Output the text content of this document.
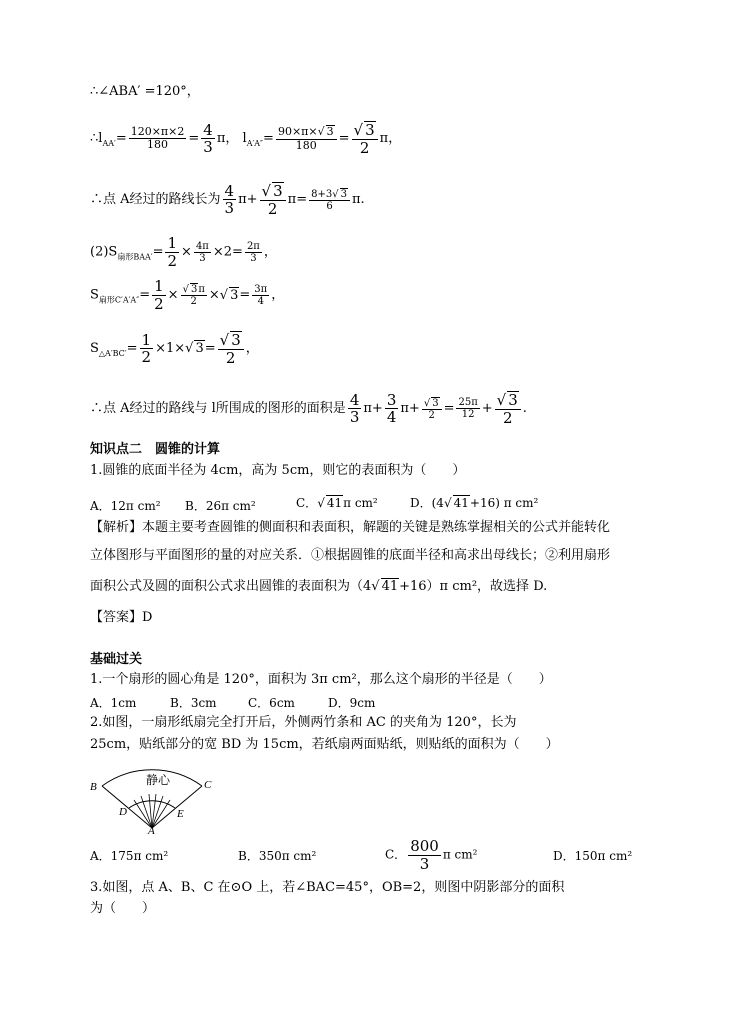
∴∠ABA′ =120°，
$\therefore l_{AA'}= \frac{120\times\pi\times 2}{180} = \frac{4}{3}$ π， $l_{A'A''}= \frac{90\times\pi\times√ 3}{180}$ =
√ $\frac{3}{2}$ π，
∴点 A经过的路线长为 $\frac{4}{3} \pi+$
√ $\frac{3}{2} \pi= \frac{8+3√ 3}{6} \pi$.
$(2)S_{扇形BAA'}= \frac{1}{2} \times \frac{4\pi}{3} \times 2= \frac{2\pi}{3}$ ，
$S_{扇形C'A'A''}= \frac{1}{2}$ ×
√ $\frac{3\pi}{2}$ ×√ $3= \frac{3\pi}{4}$ ，
$S_{\triangle A'BC'}= \frac{1}{2} \times 1\times√$ 3=
√ $\frac{3}{2}$ ，
∴点 A经过的路线与 l所围成的图形的面积是 $\frac{4}{3} \pi+ \frac{3}{4} \pi+$
√ $\frac{3}{2} = \frac{25\pi}{12}$ +
√ $\frac{3}{2}$ .
知识点二　圆锥的计算
1.圆锥的底面半径为 4cm，高为 5cm，则它的表面积为（　　）
A．12π cm² B．26π cm²	C．√ 41π cm²	D．(4√ 41+16) π cm²
【解析】本题主要考查圆锥的侧面积和表面积，解题的关键是熟练掌握相关的公式并能转化
立体图形与平面图形的量的对应关系．①根据圆锥的底面半径和高求出母线长；②利用扇形
面积公式及圆的面积公式求出圆锥的表面积为（4√ 41+16）π cm²，故选择 D.
【答案】D
基础过关
1.一个扇形的圆心角是 120°，面积为 3π cm²，那么这个扇形的半径是（　　）
A．1cm	B．3cm	C．6cm	D．9cm
2.如图，一扇形纸扇完全打开后，外侧两竹条和 AC 的夹角为 120°，长为
25cm，贴纸部分的宽 BD 为 15cm，若纸扇两面贴纸，则贴纸的面积为（　　）
静心
B	C
D	E
A
A．175π cm²	B．350π cm²	C． $\frac{800}{3}$ π cm²	D．150π cm²
3.如图，点 A、B、C 在⊙O 上，若∠BAC=45°，OB=2，则图中阴影部分的面积
为（　　）
